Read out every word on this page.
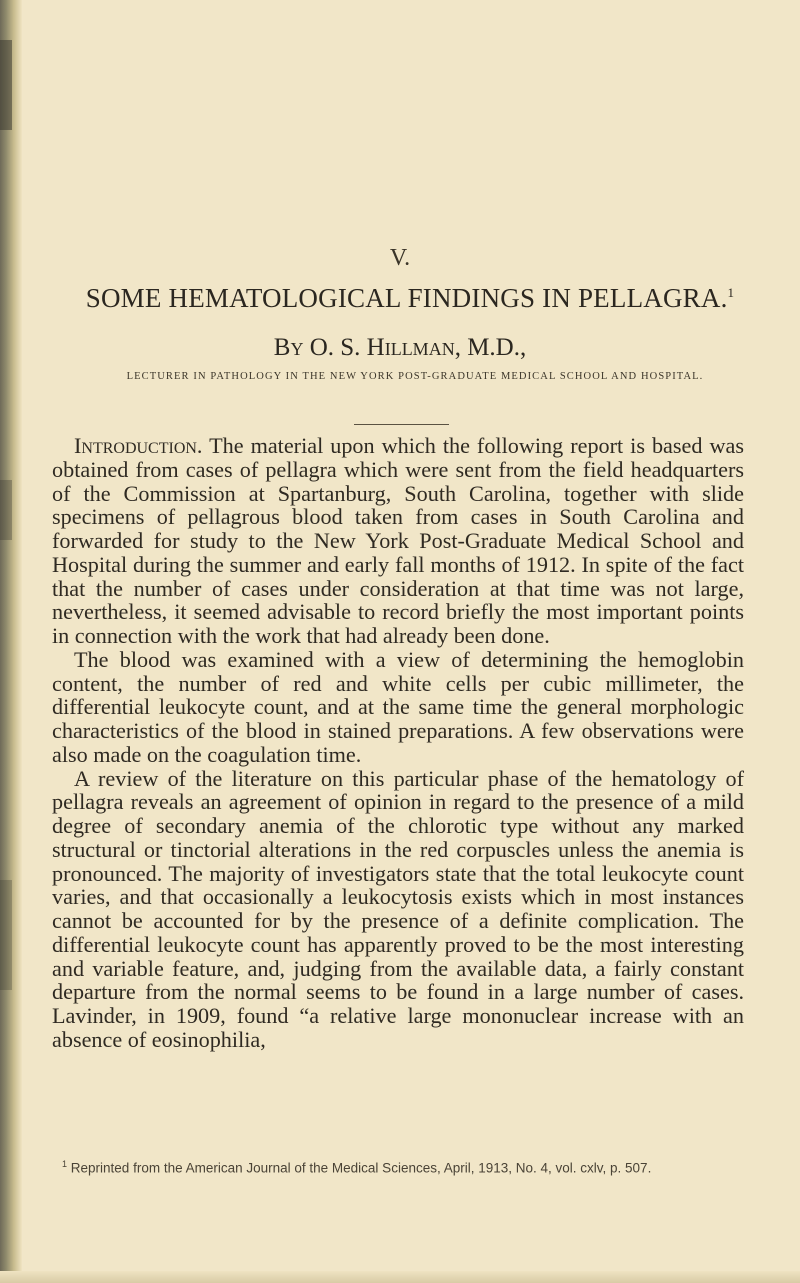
V.
SOME HEMATOLOGICAL FINDINGS IN PELLAGRA.$^1$
By O. S. Hillman, M.D.,
LECTURER IN PATHOLOGY IN THE NEW YORK POST-GRADUATE MEDICAL SCHOOL AND HOSPITAL.

Introduction. The material upon which the following report is based was obtained from cases of pellagra which were sent from the field headquarters of the Commission at Spartanburg, South Carolina, together with slide specimens of pellagrous blood taken from cases in South Carolina and forwarded for study to the New York Post-Graduate Medical School and Hospital during the summer and early fall months of 1912. In spite of the fact that the number of cases under consideration at that time was not large, nevertheless, it seemed advisable to record briefly the most important points in connection with the work that had already been done.

The blood was examined with a view of determining the hemoglobin content, the number of red and white cells per cubic millimeter, the differential leukocyte count, and at the same time the general morphologic characteristics of the blood in stained preparations. A few observations were also made on the coagulation time.

A review of the literature on this particular phase of the hematology of pellagra reveals an agreement of opinion in regard to the presence of a mild degree of secondary anemia of the chlorotic type without any marked structural or tinctorial alterations in the red corpuscles unless the anemia is pronounced. The majority of investigators state that the total leukocyte count varies, and that occasionally a leukocytosis exists which in most instances cannot be accounted for by the presence of a definite complication. The differential leukocyte count has apparently proved to be the most interesting and variable feature, and, judging from the available data, a fairly constant departure from the normal seems to be found in a large number of cases. Lavinder, in 1909, found “a relative large mononuclear increase with an absence of eosinophilia,

$^1$ Reprinted from the American Journal of the Medical Sciences, April, 1913, No. 4, vol. cxlv, p. 507.
